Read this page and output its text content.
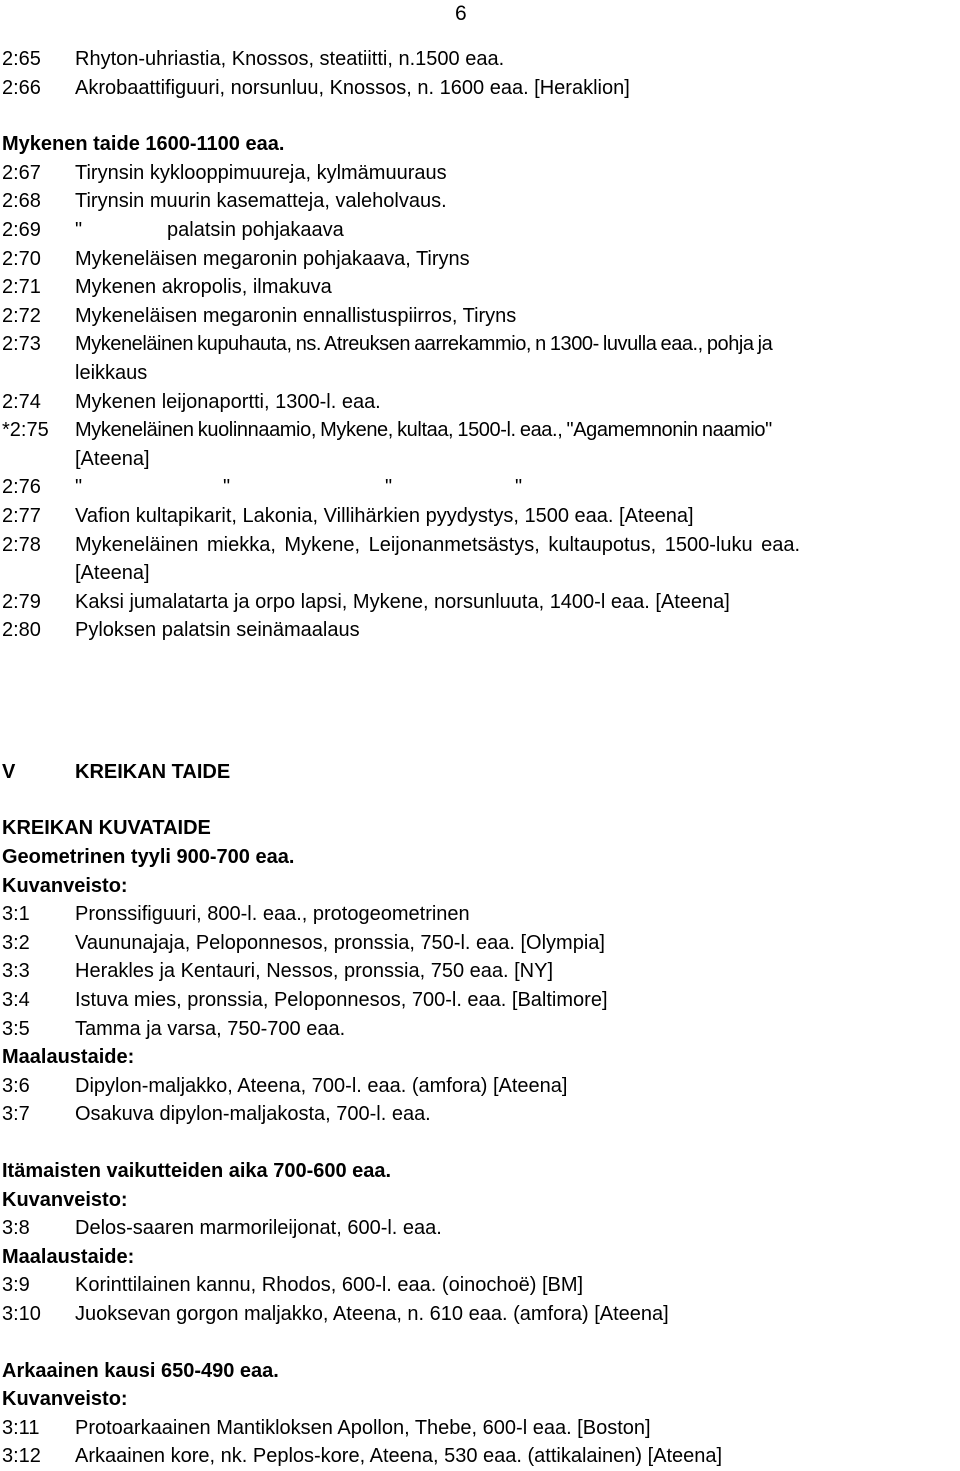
6
2:65	Rhyton-uhriastia, Knossos, steatiitti, n.1500 eaa.
2:66	Akrobaattifiguuri, norsunluu, Knossos, n. 1600 eaa. [Heraklion]
Mykenen taide 1600-1100 eaa.
2:67	Tirynsin kyklooppimuureja, kylmämuuraus
2:68	Tirynsin muurin kasematteja, valeholvaus.
2:69	"	palatsin pohjakaava
2:70	Mykeneläisen megaronin pohjakaava, Tiryns
2:71	Mykenen akropolis, ilmakuva
2:72	Mykeneläisen megaronin ennallistuspiirros, Tiryns
2:73	Mykeneläinen kupuhauta, ns. Atreuksen aarrekammio, n 1300- luvulla eaa., pohja ja
leikkaus
2:74	Mykenen leijonaportti, 1300-l. eaa.
*2:75	Mykeneläinen kuolinnaamio, Mykene, kultaa, 1500-l. eaa., "Agamemnonin naamio"
[Ateena]
2:76	"	"	"	"
2:77	Vafion kultapikarit, Lakonia, Villihärkien pyydystys, 1500 eaa. [Ateena]
2:78	Mykeneläinen miekka, Mykene, Leijonanmetsästys, kultaupotus, 1500-luku eaa.
[Ateena]
2:79	Kaksi jumalatarta ja orpo lapsi, Mykene, norsunluuta, 1400-l eaa. [Ateena]
2:80	Pyloksen palatsin seinämaalaus
V	KREIKAN TAIDE
KREIKAN KUVATAIDE
Geometrinen tyyli 900-700 eaa.
Kuvanveisto:
3:1	Pronssifiguuri, 800-l. eaa., protogeometrinen
3:2	Vaununajaja, Peloponnesos, pronssia, 750-l. eaa. [Olympia]
3:3	Herakles ja Kentauri, Nessos, pronssia, 750 eaa. [NY]
3:4	Istuva mies, pronssia, Peloponnesos, 700-l. eaa. [Baltimore]
3:5	Tamma ja varsa, 750-700 eaa.
Maalaustaide:
3:6	Dipylon-maljakko, Ateena, 700-l. eaa. (amfora) [Ateena]
3:7	Osakuva dipylon-maljakosta, 700-l. eaa.
Itämaisten vaikutteiden aika 700-600 eaa.
Kuvanveisto:
3:8	Delos-saaren marmorileijonat, 600-l. eaa.
Maalaustaide:
3:9	Korinttilainen kannu, Rhodos, 600-l. eaa. (oinochoë) [BM]
3:10	Juoksevan gorgon maljakko, Ateena, n. 610 eaa. (amfora) [Ateena]
Arkaainen kausi 650-490 eaa.
Kuvanveisto:
3:11	Protoarkaainen Mantikloksen Apollon, Thebe, 600-l eaa. [Boston]
3:12	Arkaainen kore, nk. Peplos-kore, Ateena, 530 eaa. (attikalainen) [Ateena]
